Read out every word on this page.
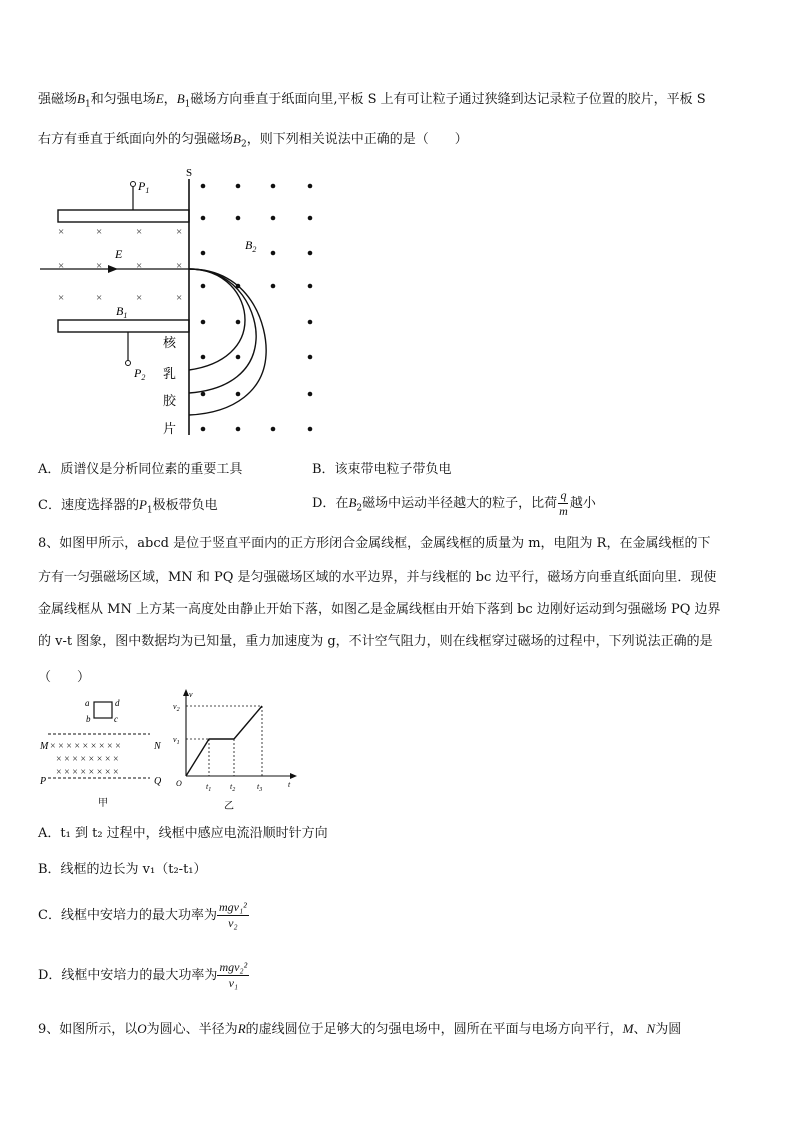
强磁场$B_1$和匀强电场E，$B_1$磁场方向垂直于纸面向里,平板 S 上有可让粒子通过狭缝到达记录粒子位置的胶片，平板 S
右方有垂直于纸面向外的匀强磁场$B_2$，则下列相关说法中正确的是（　　）
$P_1$
$P_2$
×	×	×	×
×	×	×	×
×	×	×	×
E
$B_1$
S
$B_2$
核
乳
胶
片
A．质谱仪是分析同位素的重要工具	B．该束带电粒子带负电
C．速度选择器的$P_1$极板带负电	D．在$B_2$磁场中运动半径越大的粒子，比荷 $\frac{q}{m}$ 越小
8、如图甲所示，abcd 是位于竖直平面内的正方形闭合金属线框，金属线框的质量为 m，电阻为 R，在金属线框的下
方有一匀强磁场区域，MN 和 PQ 是匀强磁场区域的水平边界，并与线框的 bc 边平行，磁场方向垂直纸面向里．现使
金属线框从 MN 上方某一高度处由静止开始下落，如图乙是金属线框由开始下落到 bc 边刚好运动到匀强磁场 PQ 边界
的 v-t 图象，图中数据均为已知量，重力加速度为 g，不计空气阻力，则在线框穿过磁场的过程中，下列说法正确的是
（　　）
a
b	c
d
M	N
P	Q
× × × × × × × × ×
× × × × × × × ×
× × × × × × × ×
甲
v
t
O
$v_1$
$v_2$
$t_1$ $t_2$	$t_3$
乙
A．t₁ 到 t₂ 过程中，线框中感应电流沿顺时针方向
B．线框的边长为 v₁（t₂-t₁）
C．线框中安培力的最大功率为 $\frac{\text{mgv₁²}}{\text{v₂}}$
D．线框中安培力的最大功率为 $\frac{\text{mgv₂²}}{\text{v₁}}$
9、如图所示，以O为圆心、半径为R的虚线圆位于足够大的匀强电场中，圆所在平面与电场方向平行，M、N为圆
